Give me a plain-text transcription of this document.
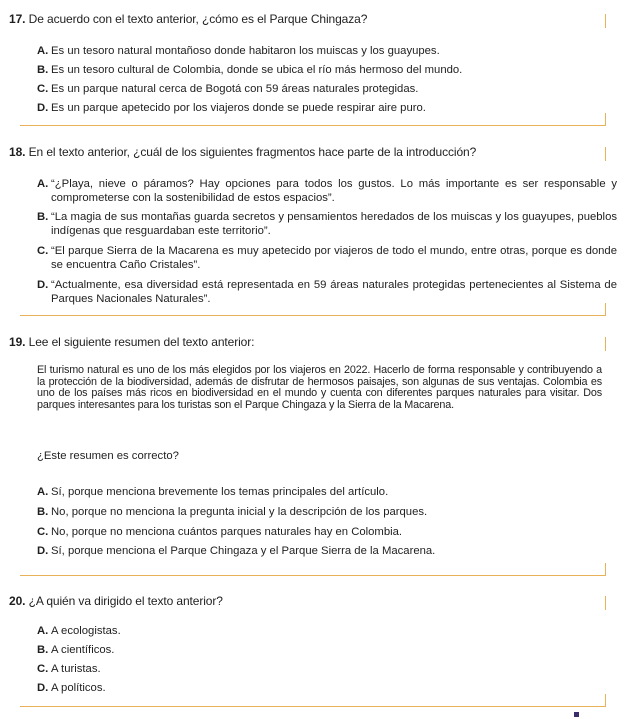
17. De acuerdo con el texto anterior, ¿cómo es el Parque Chingaza?
A. Es un tesoro natural montañoso donde habitaron los muiscas y los guayupes.
B. Es un tesoro cultural de Colombia, donde se ubica el río más hermoso del mundo.
C. Es un parque natural cerca de Bogotá con 59 áreas naturales protegidas.
D. Es un parque apetecido por los viajeros donde se puede respirar aire puro.
18. En el texto anterior, ¿cuál de los siguientes fragmentos hace parte de la introducción?
A. “¿Playa, nieve o páramos? Hay opciones para todos los gustos. Lo más importante es ser responsable y comprometerse con la sostenibilidad de estos espacios”.
B. “La magia de sus montañas guarda secretos y pensamientos heredados de los muiscas y los guayupes, pueblos indígenas que resguardaban este territorio”.
C. “El parque Sierra de la Macarena es muy apetecido por viajeros de todo el mundo, entre otras, porque es donde se encuentra Caño Cristales”.
D. “Actualmente, esa diversidad está representada en 59 áreas naturales protegidas pertenecientes al Sistema de Parques Nacionales Naturales”.
19. Lee el siguiente resumen del texto anterior:
El turismo natural es uno de los más elegidos por los viajeros en 2022. Hacerlo de forma responsable y contribuyendo a la protección de la biodiversidad, además de disfrutar de hermosos paisajes, son algunas de sus ventajas. Colombia es uno de los países más ricos en biodiversidad en el mundo y cuenta con diferentes parques naturales para visitar. Dos parques interesantes para los turistas son el Parque Chingaza y la Sierra de la Macarena.
¿Este resumen es correcto?
A. Sí, porque menciona brevemente los temas principales del artículo.
B. No, porque no menciona la pregunta inicial y la descripción de los parques.
C. No, porque no menciona cuántos parques naturales hay en Colombia.
D. Sí, porque menciona el Parque Chingaza y el Parque Sierra de la Macarena.
20. ¿A quién va dirigido el texto anterior?
A. A ecologistas.
B. A científicos.
C. A turistas.
D. A políticos.
